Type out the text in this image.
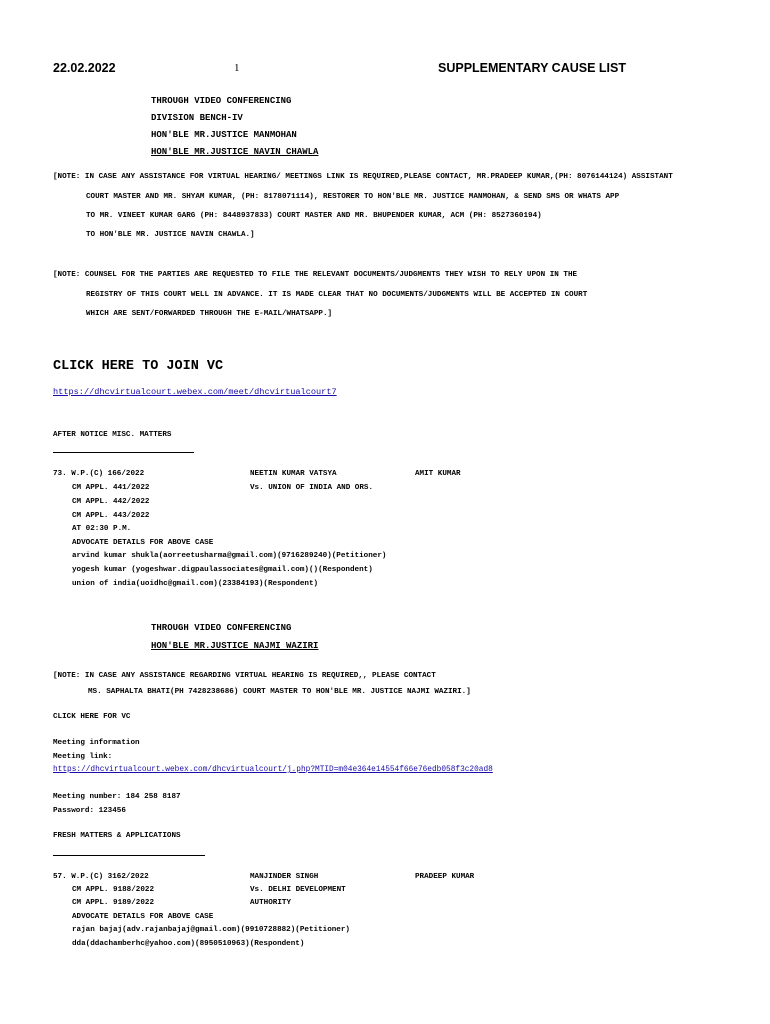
22.02.2022	1	SUPPLEMENTARY CAUSE LIST
THROUGH VIDEO CONFERENCING
DIVISION BENCH-IV
HON'BLE MR.JUSTICE MANMOHAN
HON'BLE MR.JUSTICE NAVIN CHAWLA
[NOTE: IN CASE ANY ASSISTANCE FOR VIRTUAL HEARING/ MEETINGS LINK IS REQUIRED,PLEASE CONTACT, MR.PRADEEP KUMAR,(PH: 8076144124) ASSISTANT
COURT MASTER AND MR. SHYAM KUMAR, (PH: 8178071114), RESTORER TO HON'BLE MR. JUSTICE MANMOHAN, & SEND SMS OR WHATS APP
TO MR. VINEET KUMAR GARG (PH: 8448937833) COURT MASTER AND MR. BHUPENDER KUMAR, ACM (PH: 8527360194)
TO HON'BLE MR. JUSTICE NAVIN CHAWLA.]
[NOTE: COUNSEL FOR THE PARTIES ARE REQUESTED TO FILE THE RELEVANT DOCUMENTS/JUDGMENTS THEY WISH TO RELY UPON IN THE
REGISTRY OF THIS COURT WELL IN ADVANCE. IT IS MADE CLEAR THAT NO DOCUMENTS/JUDGMENTS WILL BE ACCEPTED IN COURT
WHICH ARE SENT/FORWARDED THROUGH THE E-MAIL/WHATSAPP.]
CLICK HERE TO JOIN VC
https://dhcvirtualcourt.webex.com/meet/dhcvirtualcourt7
AFTER NOTICE MISC. MATTERS
73. W.P.(C) 166/2022	NEETIN KUMAR VATSYA	AMIT KUMAR
Vs. UNION OF INDIA AND ORS.
CM APPL. 441/2022
CM APPL. 442/2022
CM APPL. 443/2022
AT 02:30 P.M.
ADVOCATE DETAILS FOR ABOVE CASE
arvind kumar shukla(aorreetusharma@gmail.com)(9716289240)(Petitioner)
yogesh kumar (yogeshwar.digpaulassociates@gmail.com)()(Respondent)
union of india(uoidhc@gmail.com)(23384193)(Respondent)
THROUGH VIDEO CONFERENCING
HON'BLE MR.JUSTICE NAJMI WAZIRI
[NOTE: IN CASE ANY ASSISTANCE REGARDING VIRTUAL HEARING IS REQUIRED,, PLEASE CONTACT
MS. SAPHALTA BHATI(PH 7428238686) COURT MASTER TO HON'BLE MR. JUSTICE NAJMI WAZIRI.]
CLICK HERE FOR VC
Meeting information
Meeting link:
https://dhcvirtualcourt.webex.com/dhcvirtualcourt/j.php?MTID=m04e364e14554f66e76edb058f3c20ad8
Meeting number: 184 258 8187
Password: 123456
FRESH MATTERS & APPLICATIONS
57. W.P.(C) 3162/2022	MANJINDER SINGH	PRADEEP KUMAR
Vs. DELHI DEVELOPMENT
AUTHORITY
CM APPL. 9188/2022
CM APPL. 9189/2022
ADVOCATE DETAILS FOR ABOVE CASE
rajan bajaj(adv.rajanbajaj@gmail.com)(9910728882)(Petitioner)
dda(ddachamberhc@yahoo.com)(8950510963)(Respondent)
